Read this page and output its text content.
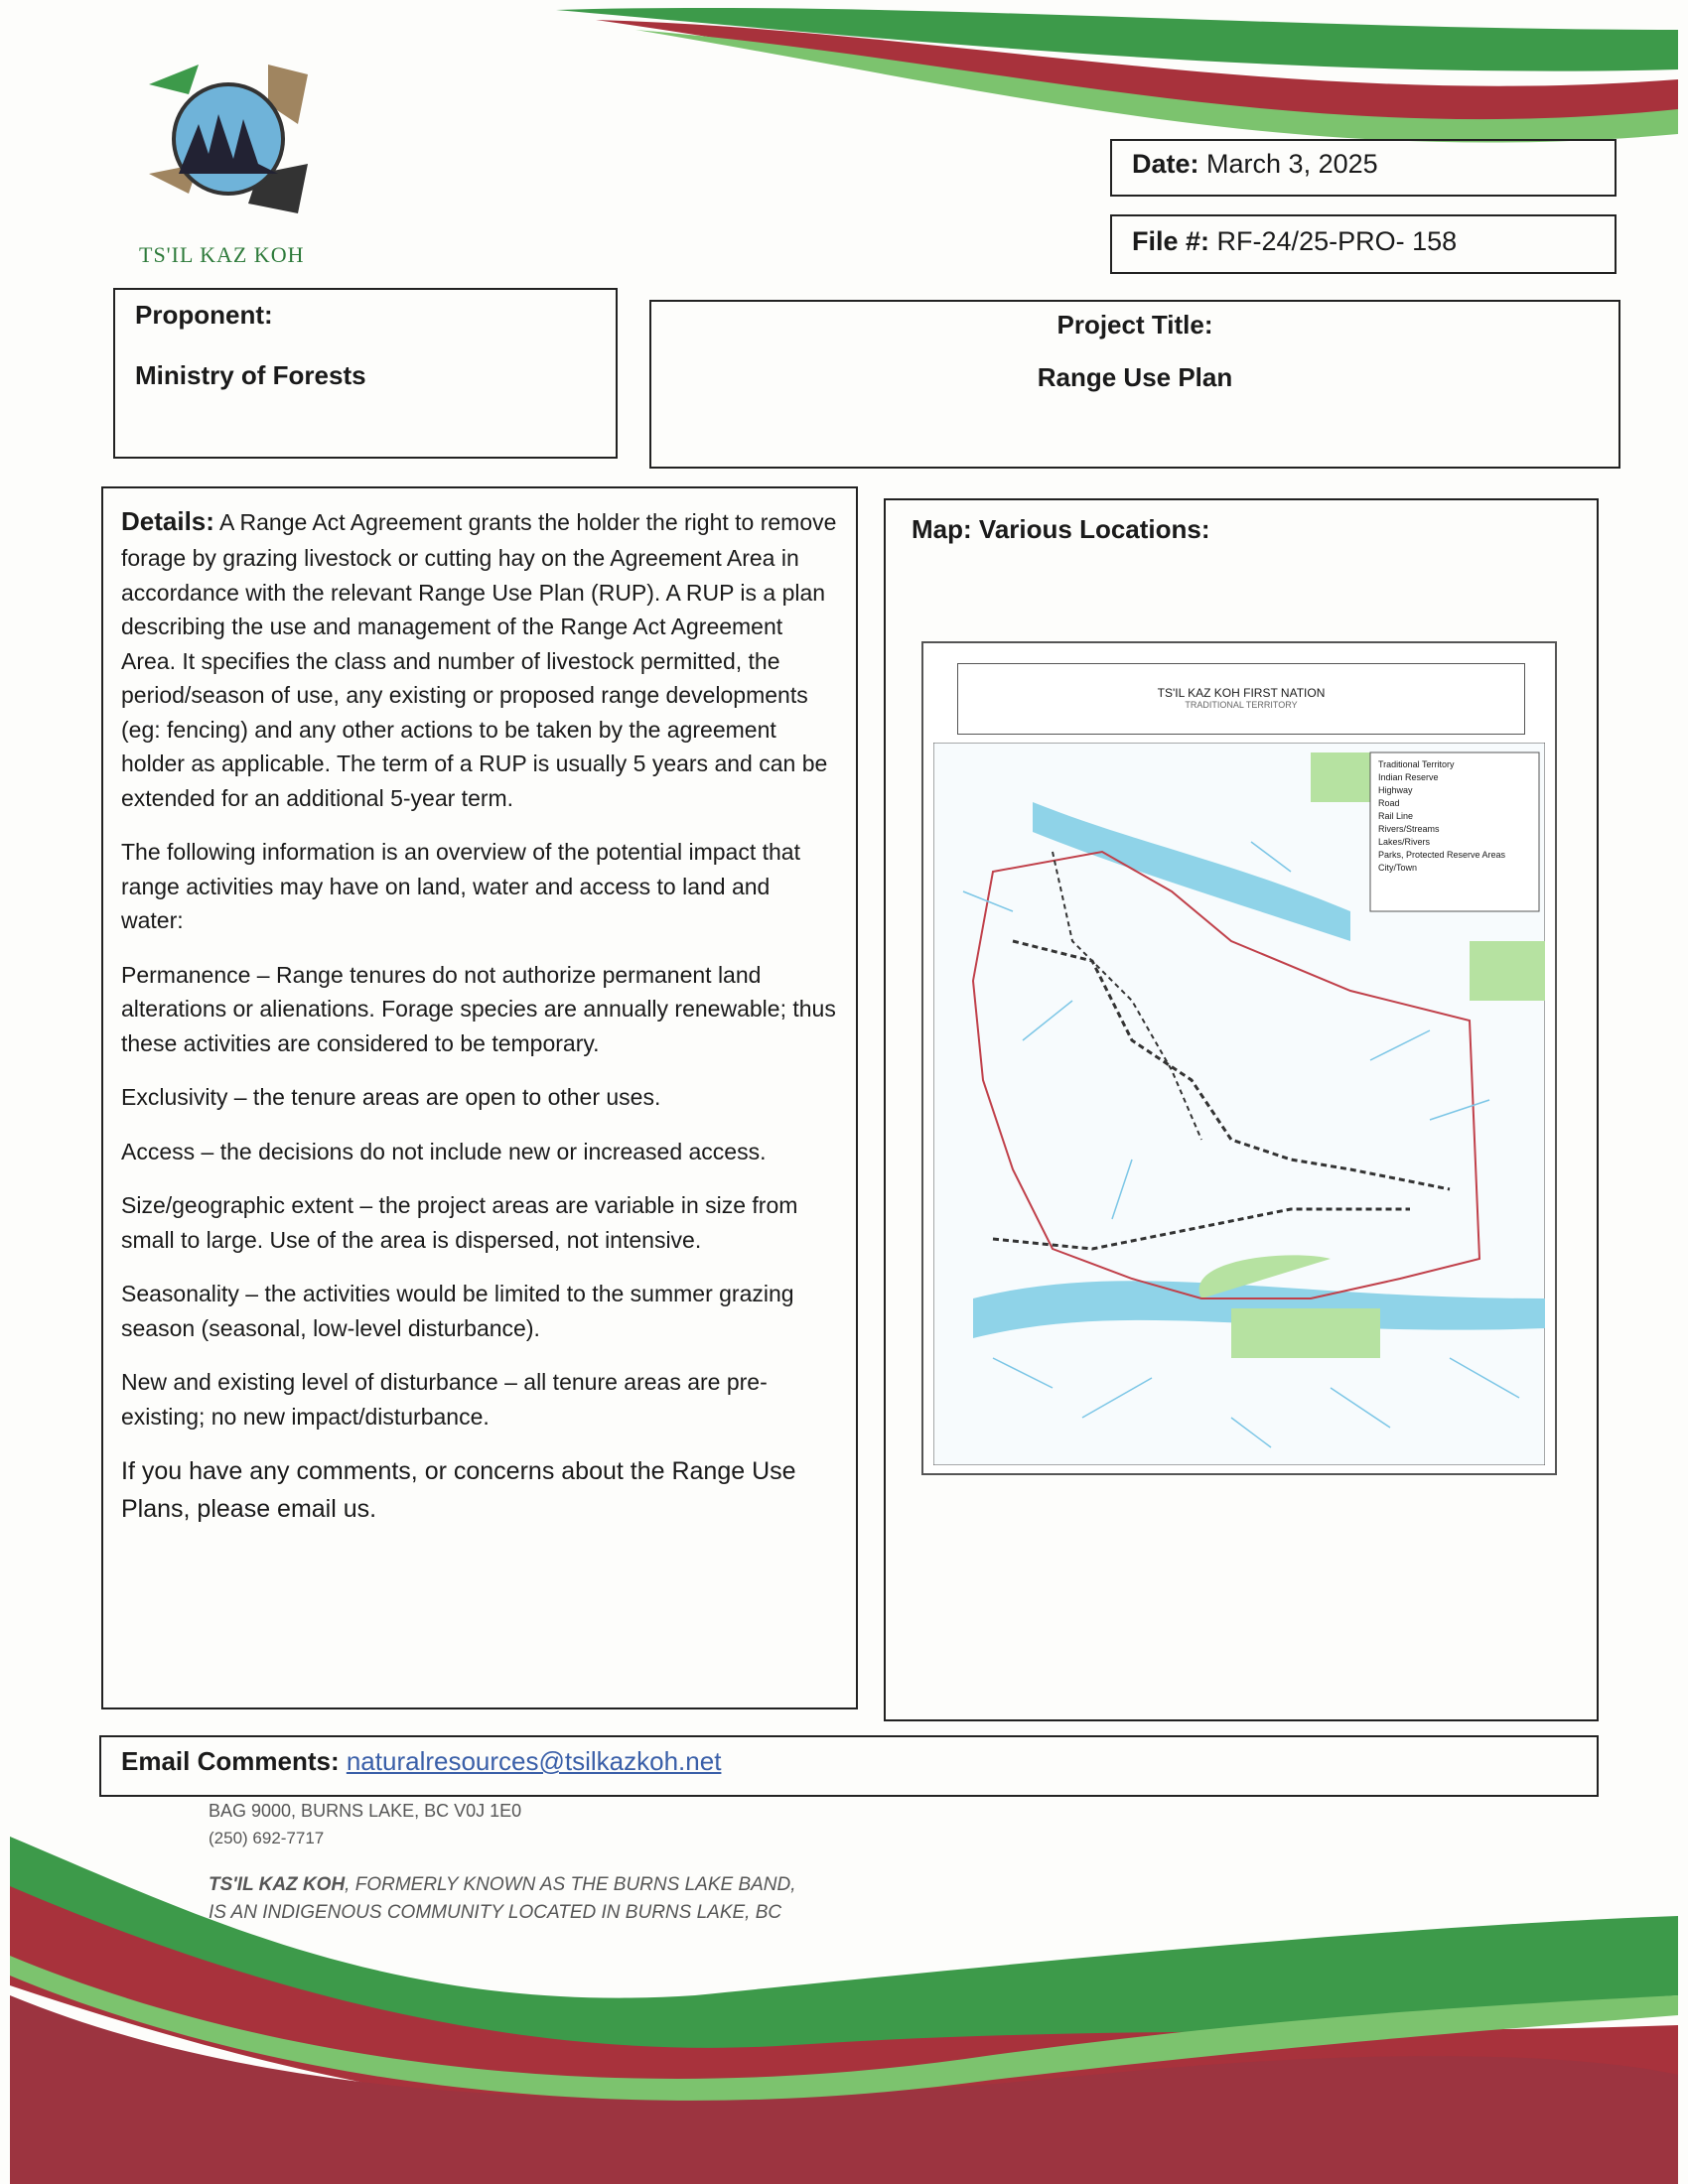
TS'IL KAZ KOH
Date: March 3, 2025
File #: RF-24/25-PRO- 158
Proponent:
Ministry of Forests
Project Title:
Range Use Plan

Details: A Range Act Agreement grants the holder the right to remove forage by grazing livestock or cutting hay on the Agreement Area in accordance with the relevant Range Use Plan (RUP). A RUP is a plan describing the use and management of the Range Act Agreement Area. It specifies the class and number of livestock permitted, the period/season of use, any existing or proposed range developments (eg: fencing) and any other actions to be taken by the agreement holder as applicable. The term of a RUP is usually 5 years and can be extended for an additional 5-year term.

The following information is an overview of the potential impact that range activities may have on land, water and access to land and water:

Permanence – Range tenures do not authorize permanent land alterations or alienations. Forage species are annually renewable; thus these activities are considered to be temporary.

Exclusivity – the tenure areas are open to other uses.

Access – the decisions do not include new or increased access.

Size/geographic extent – the project areas are variable in size from small to large. Use of the area is dispersed, not intensive.

Seasonality – the activities would be limited to the summer grazing season (seasonal, low-level disturbance).

New and existing level of disturbance – all tenure areas are pre-existing; no new impact/disturbance.

If you have any comments, or concerns about the Range Use Plans, please email us.

Map: Various Locations:
TS'IL KAZ KOH FIRST NATION
TRADITIONAL TERRITORY
Traditional Territory
Indian Reserve
Highway
Road
Rail Line
Rivers/Streams
Lakes/Rivers
Parks, Protected Reserve Areas
City/Town
Email Comments: naturalresources@tsilkazkoh.net
BAG 9000, BURNS LAKE, BC V0J 1E0
(250) 692-7717
TS'IL KAZ KOH, FORMERLY KNOWN AS THE BURNS LAKE BAND,
IS AN INDIGENOUS COMMUNITY LOCATED IN BURNS LAKE, BC
